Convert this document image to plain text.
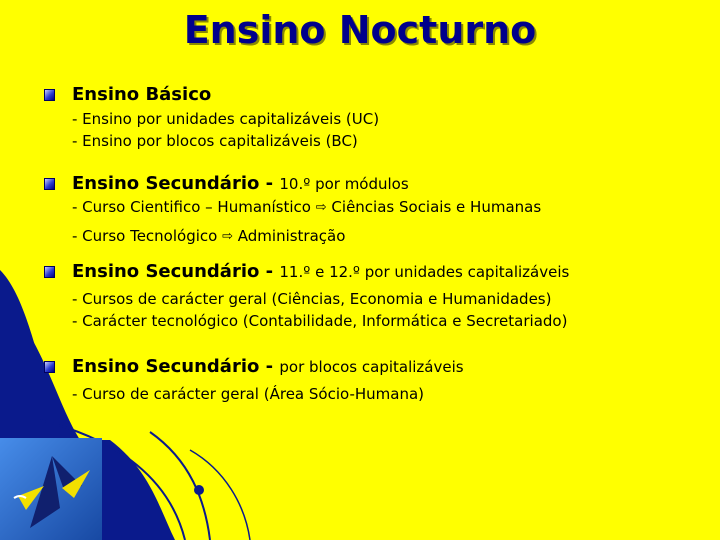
Ensino Nocturno
Ensino Básico
- Ensino por unidades capitalizáveis (UC)
- Ensino por blocos capitalizáveis (BC)
Ensino Secundário - 10.º por módulos
- Curso Cientifico – Humanístico ⇨ Ciências Sociais e Humanas
- Curso Tecnológico ⇨ Administração
Ensino Secundário - 11.º e 12.º por unidades capitalizáveis
- Cursos de carácter geral (Ciências, Economia e Humanidades)
- Carácter tecnológico (Contabilidade, Informática e Secretariado)
Ensino Secundário - por blocos capitalizáveis
- Curso de carácter geral (Área Sócio-Humana)
